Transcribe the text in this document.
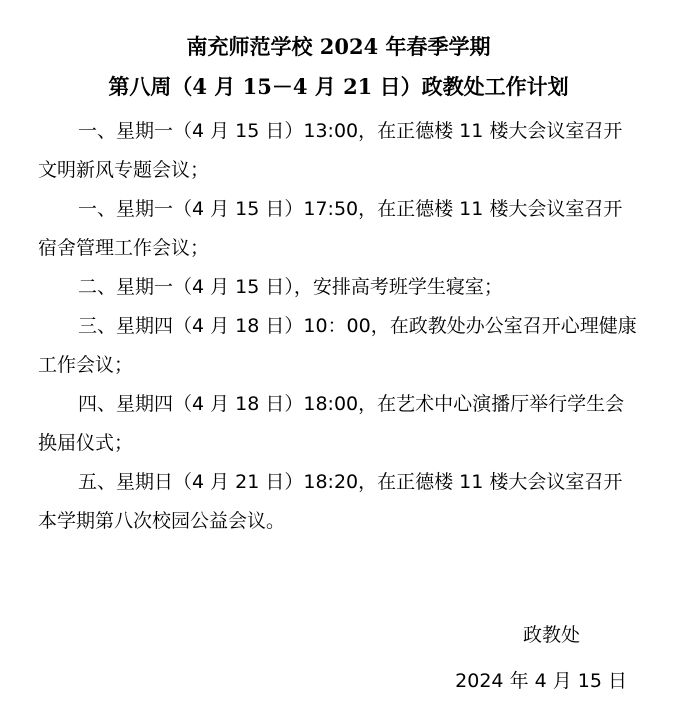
南充师范学校 2024 年春季学期
第八周（4 月 15－4 月 21 日）政教处工作计划

一、星期一（4 月 15 日）13:00，在正德楼 11 楼大会议室召开文明新风专题会议；

一、星期一（4 月 15 日）17:50，在正德楼 11 楼大会议室召开宿舍管理工作会议；

二、星期一（4 月 15 日），安排高考班学生寝室；

三、星期四（4 月 18 日）10：00，在政教处办公室召开心理健康工作会议；

四、星期四（4 月 18 日）18:00，在艺术中心演播厅举行学生会换届仪式；

五、星期日（4 月 21 日）18:20，在正德楼 11 楼大会议室召开本学期第八次校园公益会议。

政教处
2024 年 4 月 15 日
